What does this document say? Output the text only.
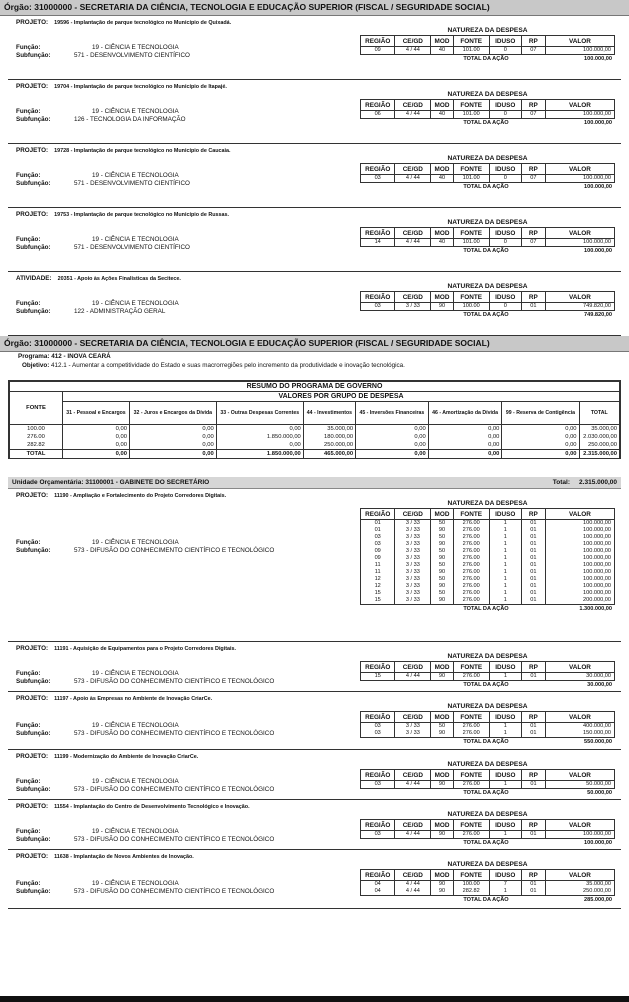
Órgão: 31000000 - SECRETARIA DA CIÊNCIA, TECNOLOGIA E EDUCAÇÃO SUPERIOR (FISCAL / SEGURIDADE SOCIAL)
PROJETO: 19596 - Implantação de parque tecnológico no Município de Quixadá.
NATUREZA DA DESPESA
REGIÃO	CE/GD	MOD	FONTE	IDUSO	RP	VALOR
09	4 / 44	40	101.00	0	07	100.000,00
TOTAL DA AÇÃO	100.000,00
Função:	19 - CIÊNCIA E TECNOLOGIA
Subfunção:	571 - DESENVOLVIMENTO CIENTÍFICO
PROJETO: 19704 - Implantação de parque tecnológico no Município de Itapajé.
NATUREZA DA DESPESA
REGIÃO	CE/GD	MOD	FONTE	IDUSO	RP	VALOR
06	4 / 44	40	101.00	0	07	100.000,00
TOTAL DA AÇÃO	100.000,00
Função:	19 - CIÊNCIA E TECNOLOGIA
Subfunção:	126 - TECNOLOGIA DA INFORMAÇÃO
PROJETO: 19728 - Implantação de parque tecnológico no Município de Caucaia.
NATUREZA DA DESPESA
REGIÃO	CE/GD	MOD	FONTE	IDUSO	RP	VALOR
03	4 / 44	40	101.00	0	07	100.000,00
TOTAL DA AÇÃO	100.000,00
Função:	19 - CIÊNCIA E TECNOLOGIA
Subfunção:	571 - DESENVOLVIMENTO CIENTÍFICO
PROJETO: 19753 - Implantação de parque tecnológico no Município de Russas.
NATUREZA DA DESPESA
REGIÃO	CE/GD	MOD	FONTE	IDUSO	RP	VALOR
14	4 / 44	40	101.00	0	07	100.000,00
TOTAL DA AÇÃO	100.000,00
Função:	19 - CIÊNCIA E TECNOLOGIA
Subfunção:	571 - DESENVOLVIMENTO CIENTÍFICO
ATIVIDADE: 20351 - Apoio às Ações Finalísticas da Secitece.
NATUREZA DA DESPESA
REGIÃO	CE/GD	MOD	FONTE	IDUSO	RP	VALOR
03	3 / 33	90	100.00	0	01	749.820,00
TOTAL DA AÇÃO	749.820,00
Função:	19 - CIÊNCIA E TECNOLOGIA
Subfunção:	122 - ADMINISTRAÇÃO GERAL
Órgão: 31000000 - SECRETARIA DA CIÊNCIA, TECNOLOGIA E EDUCAÇÃO SUPERIOR (FISCAL / SEGURIDADE SOCIAL)
Programa: 412 - INOVA CEARÁ
Objetivo: 412.1 - Aumentar a competitividade do Estado e suas macrorregiões pelo incremento da produtividade e inovação tecnológica.
RESUMO DO PROGRAMA DE GOVERNO								
FONTE	VALORES POR GRUPO DE DESPESA							
	31 - Pessoal e Encargos	32 - Juros e Encargos da Dívida	33 - Outras Despesas Correntes	44 - Investimentos	45 - Inversões Financeiras	46 - Amortização da Dívida	99 - Reserva de Contigência	TOTAL
100.00	0,00	0,00	0,00	35.000,00	0,00	0,00	0,00	35.000,00
276.00	0,00	0,00	1.850.000,00	180.000,00	0,00	0,00	0,00	2.030.000,00
282.82	0,00	0,00	0,00	250.000,00	0,00	0,00	0,00	250.000,00
TOTAL	0,00	0,00	1.850.000,00	465.000,00	0,00	0,00	0,00	2.315.000,00
Unidade Orçamentária: 31100001 - GABINETE DO SECRETÁRIO	Total: 2.315.000,00
PROJETO: 11190 - Ampliação e Fortalecimento do Projeto Corredores Digitais.
NATUREZA DA DESPESA
REGIÃO	CE/GD	MOD	FONTE	IDUSO	RP	VALOR
01	3 / 33	50	276.00	1	01	100.000,00
01	3 / 33	90	276.00	1	01	100.000,00
03	3 / 33	50	276.00	1	01	100.000,00
03	3 / 33	90	276.00	1	01	100.000,00
09	3 / 33	50	276.00	1	01	100.000,00
09	3 / 33	90	276.00	1	01	100.000,00
11	3 / 33	50	276.00	1	01	100.000,00
11	3 / 33	90	276.00	1	01	100.000,00
12	3 / 33	50	276.00	1	01	100.000,00
12	3 / 33	90	276.00	1	01	100.000,00
15	3 / 33	50	276.00	1	01	100.000,00
15	3 / 33	90	276.00	1	01	200.000,00
TOTAL DA AÇÃO	1.300.000,00
Função:	19 - CIÊNCIA E TECNOLOGIA
Subfunção:	573 - DIFUSÃO DO CONHECIMENTO CIENTÍFICO E TECNOLÓGICO
PROJETO: 11191 - Aquisição de Equipamentos para o Projeto Corredores Digitais.
NATUREZA DA DESPESA
REGIÃO	CE/GD	MOD	FONTE	IDUSO	RP	VALOR
15	4 / 44	90	276.00	1	01	30.000,00
TOTAL DA AÇÃO	30.000,00
Função:	19 - CIÊNCIA E TECNOLOGIA
Subfunção:	573 - DIFUSÃO DO CONHECIMENTO CIENTÍFICO E TECNOLÓGICO
PROJETO: 11197 - Apoio às Empresas no Ambiente de Inovação CriarCe.
NATUREZA DA DESPESA
REGIÃO	CE/GD	MOD	FONTE	IDUSO	RP	VALOR
03	3 / 33	50	276.00	1	01	400.000,00
03	3 / 33	90	276.00	1	01	150.000,00
TOTAL DA AÇÃO	550.000,00
Função:	19 - CIÊNCIA E TECNOLOGIA
Subfunção:	573 - DIFUSÃO DO CONHECIMENTO CIENTÍFICO E TECNOLÓGICO
PROJETO: 11199 - Modernização do Ambiente de Inovação CriarCe.
NATUREZA DA DESPESA
REGIÃO	CE/GD	MOD	FONTE	IDUSO	RP	VALOR
03	4 / 44	90	276.00	1	01	50.000,00
TOTAL DA AÇÃO	50.000,00
Função:	19 - CIÊNCIA E TECNOLOGIA
Subfunção:	573 - DIFUSÃO DO CONHECIMENTO CIENTÍFICO E TECNOLÓGICO
PROJETO: 11554 - Implantação do Centro de Desenvolvimento Tecnológico e Inovação.
NATUREZA DA DESPESA
REGIÃO	CE/GD	MOD	FONTE	IDUSO	RP	VALOR
03	4 / 44	90	276.00	1	01	100.000,00
TOTAL DA AÇÃO	100.000,00
Função:	19 - CIÊNCIA E TECNOLOGIA
Subfunção:	573 - DIFUSÃO DO CONHECIMENTO CIENTÍFICO E TECNOLÓGICO
PROJETO: 11638 - Implantação de Novos Ambientes de Inovação.
NATUREZA DA DESPESA
REGIÃO	CE/GD	MOD	FONTE	IDUSO	RP	VALOR
04	4 / 44	90	100.00	7	01	35.000,00
04	4 / 44	90	282.82	1	01	250.000,00
TOTAL DA AÇÃO	285.000,00
Função:	19 - CIÊNCIA E TECNOLOGIA
Subfunção:	573 - DIFUSÃO DO CONHECIMENTO CIENTÍFICO E TECNOLÓGICO
